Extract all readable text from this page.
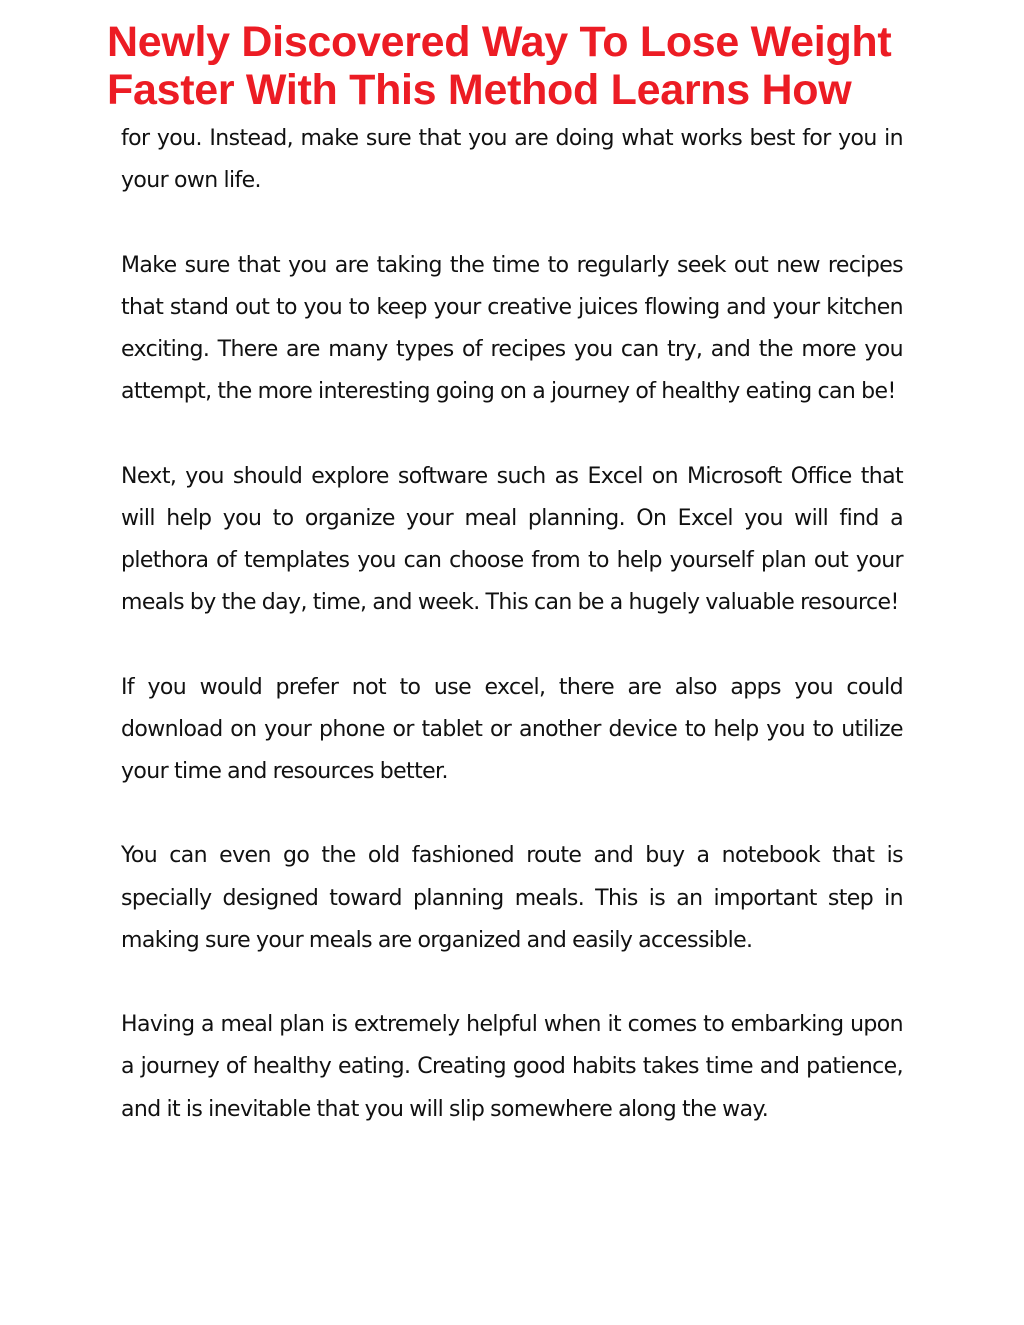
Newly Discovered Way To Lose Weight
Faster With This Method Learns How

for you. Instead, make sure that you are doing what works best for you in your own life.

Make sure that you are taking the time to regularly seek out new recipes that stand out to you to keep your creative juices flowing and your kitchen exciting. There are many types of recipes you can try, and the more you attempt, the more interesting going on a journey of healthy eating can be!

Next, you should explore software such as Excel on Microsoft Office that will help you to organize your meal planning. On Excel you will find a plethora of templates you can choose from to help yourself plan out your meals by the day, time, and week. This can be a hugely valuable resource!

If you would prefer not to use excel, there are also apps you could download on your phone or tablet or another device to help you to utilize your time and resources better.

You can even go the old fashioned route and buy a notebook that is specially designed toward planning meals. This is an important step in making sure your meals are organized and easily accessible.

Having a meal plan is extremely helpful when it comes to embarking upon a journey of healthy eating. Creating good habits takes time and patience, and it is inevitable that you will slip somewhere along the way.
